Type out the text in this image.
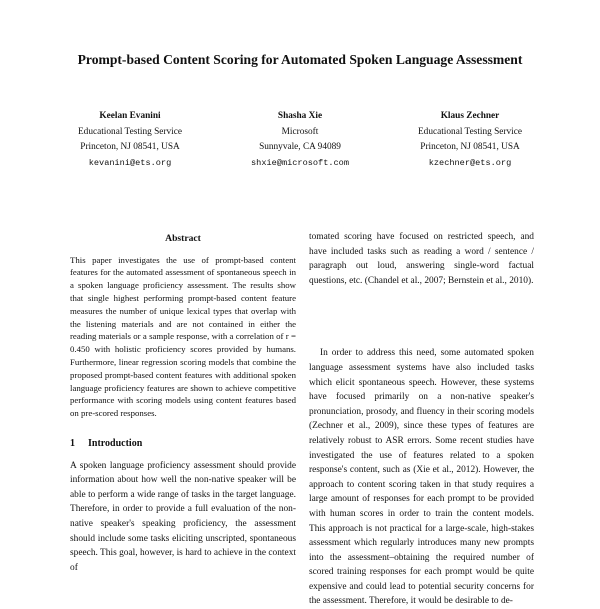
Prompt-based Content Scoring for Automated Spoken Language Assessment
Keelan Evanini
Educational Testing Service
Princeton, NJ 08541, USA
kevanini@ets.org
Shasha Xie
Microsoft
Sunnyvale, CA 94089
shxie@microsoft.com
Klaus Zechner
Educational Testing Service
Princeton, NJ 08541, USA
kzechner@ets.org
Abstract

This paper investigates the use of prompt-based content features for the automated assessment of spontaneous speech in a spoken language proficiency assessment. The results show that single highest performing prompt-based content feature measures the number of unique lexical types that overlap with the listening materials and are not contained in either the reading materials or a sample response, with a correlation of r = 0.450 with holistic proficiency scores provided by humans. Furthermore, linear regression scoring models that combine the proposed prompt-based content features with additional spoken language proficiency features are shown to achieve competitive performance with scoring models using content features based on pre-scored responses.

1 Introduction

A spoken language proficiency assessment should provide information about how well the non-native speaker will be able to perform a wide range of tasks in the target language. Therefore, in order to provide a full evaluation of the non-native speaker's speaking proficiency, the assessment should include some tasks eliciting unscripted, spontaneous speech. This goal, however, is hard to achieve in the context of

tomated scoring have focused on restricted speech, and have included tasks such as reading a word / sentence / paragraph out loud, answering single-word factual questions, etc. (Chandel et al., 2007; Bernstein et al., 2010).

In order to address this need, some automated spoken language assessment systems have also included tasks which elicit spontaneous speech. However, these systems have focused primarily on a non-native speaker's pronunciation, prosody, and fluency in their scoring models (Zechner et al., 2009), since these types of features are relatively robust to ASR errors. Some recent studies have investigated the use of features related to a spoken response's content, such as (Xie et al., 2012). However, the approach to content scoring taken in that study requires a large amount of responses for each prompt to be provided with human scores in order to train the content models. This approach is not practical for a large-scale, high-stakes assessment which regularly introduces many new prompts into the assessment–obtaining the required number of scored training responses for each prompt would be quite expensive and could lead to potential security concerns for the assessment. Therefore, it would be desirable to de-
